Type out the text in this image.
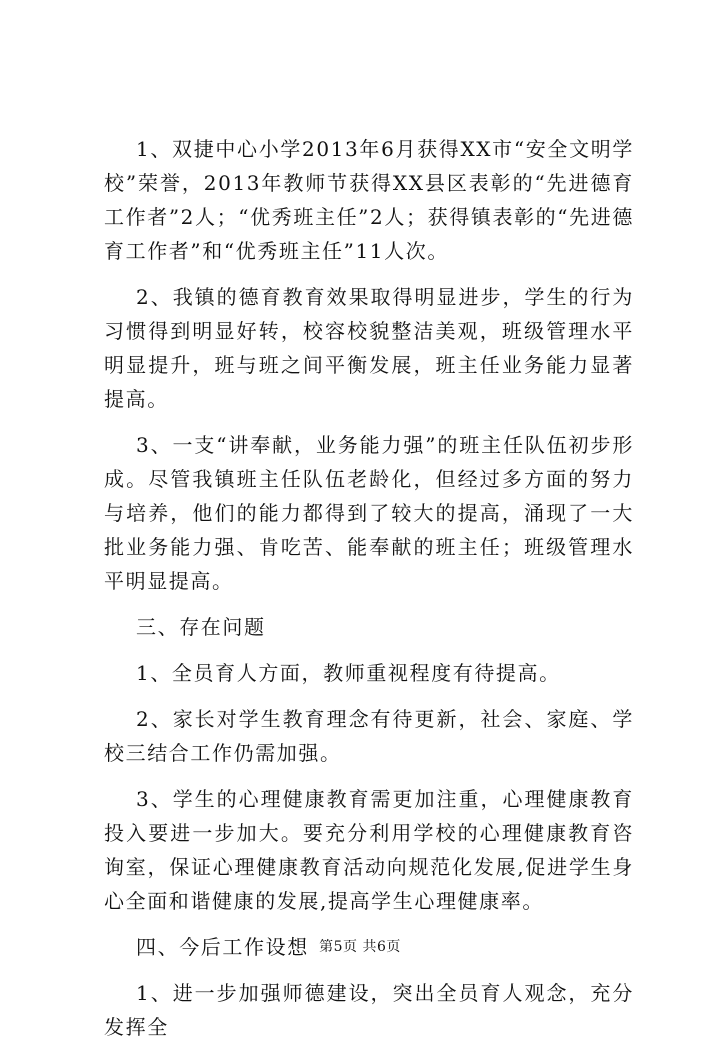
1、双捷中心小学2013年6月获得XX市“安全文明学校”荣誉，2013年教师节获得XX县区表彰的“先进德育工作者”2人；“优秀班主任”2人；获得镇表彰的“先进德育工作者”和“优秀班主任”11人次。

2、我镇的德育教育效果取得明显进步，学生的行为习惯得到明显好转，校容校貌整洁美观，班级管理水平明显提升，班与班之间平衡发展，班主任业务能力显著提高。

3、一支“讲奉献，业务能力强”的班主任队伍初步形成。尽管我镇班主任队伍老龄化，但经过多方面的努力与培养，他们的能力都得到了较大的提高，涌现了一大批业务能力强、肯吃苦、能奉献的班主任；班级管理水平明显提高。

三、存在问题

1、全员育人方面，教师重视程度有待提高。

2、家长对学生教育理念有待更新，社会、家庭、学校三结合工作仍需加强。

3、学生的心理健康教育需更加注重，心理健康教育投入要进一步加大。要充分利用学校的心理健康教育咨询室，保证心理健康教育活动向规范化发展,促进学生身心全面和谐健康的发展,提高学生心理健康率。

四、今后工作设想

1、进一步加强师德建设，突出全员育人观念，充分发挥全

第5页 共6页
